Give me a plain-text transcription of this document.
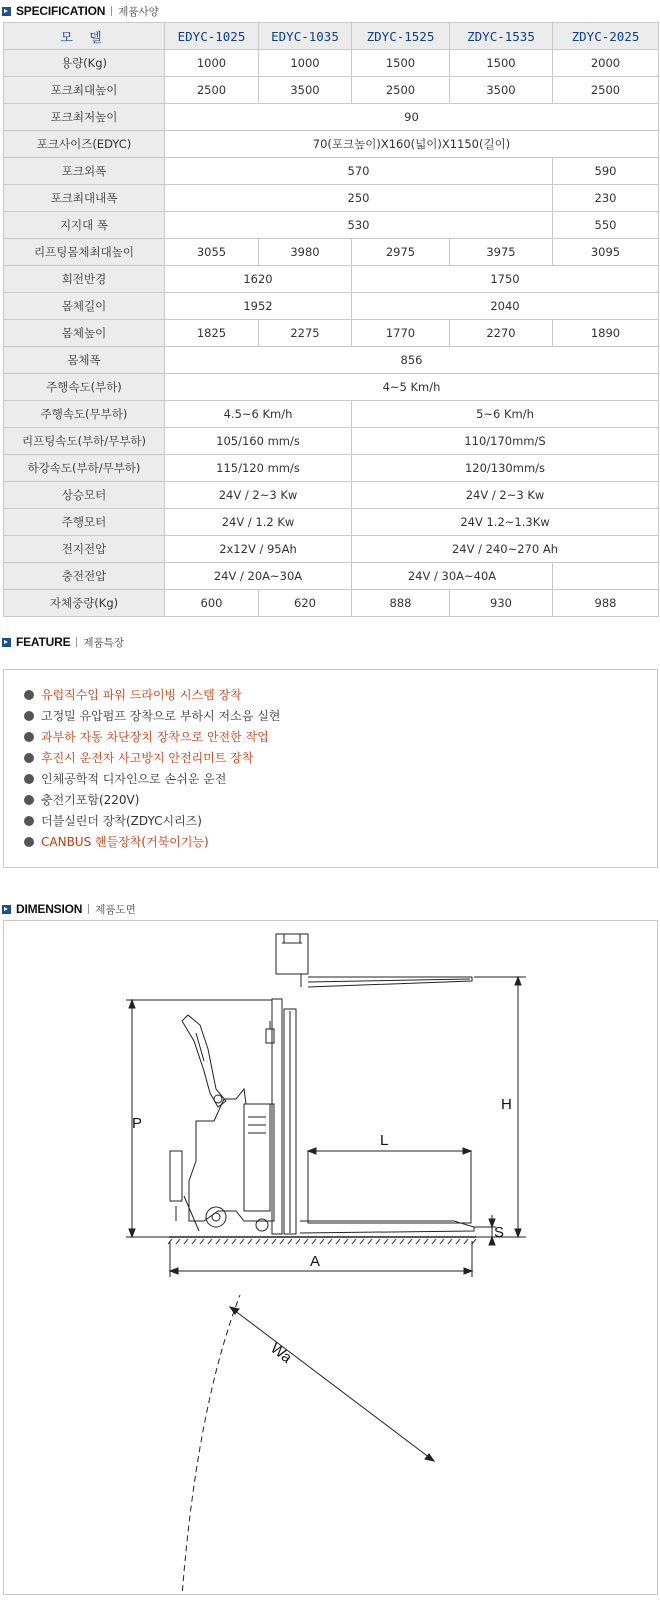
SPECIFICATION 제품사양
모 델	EDYC-1025	EDYC-1035	ZDYC-1525	ZDYC-1535	ZDYC-2025
용량(Kg)	1000	1000	1500	1500	2000
포크최대높이	2500	3500	2500	3500	2500
포크최저높이	90				
포크사이즈(EDYC)	70(포크높이)X160(넓이)X1150(길이)				
포크외폭	570				590
포크최대내폭	250				230
지지대 폭	530				550
리프팅몸체최대높이	3055	3980	2975	3975	3095
회전반경	1620		1750		
몸체길이	1952		2040		
몸체높이	1825	2275	1770	2270	1890
몸체폭	856				
주행속도(부하)	4~5 Km/h				
주행속도(무부하)	4.5~6 Km/h		5~6 Km/h		
리프팅속도(부하/무부하)	105/160 mm/s		110/170mm/S		
하강속도(부하/무부하)	115/120 mm/s		120/130mm/s		
상승모터	24V / 2~3 Kw		24V / 2~3 Kw		
주행모터	24V / 1.2 Kw		24V 1.2~1.3Kw		
전지전압	2x12V / 95Ah		24V / 240~270 Ah		
충전전압	24V / 20A~30A		24V / 30A~40A		
자체중량(Kg)	600	620	888	930	988
FEATURE 제품특장
유럽직수입 파워 드라이빙 시스템 장착
고정밀 유압펌프 장착으로 부하시 저소음 실현
과부하 자동 차단장치 장착으로 안전한 작업
후진시 운전자 사고방지 안전리미트 장착
인체공학적 디자인으로 손쉬운 운전
충전기포함(220V)
더블실린더 장착(ZDYC시리즈)
CANBUS 핸들장착(거북이기능)
DIMENSION 제품도면
P
L
H
S
A
Wa
